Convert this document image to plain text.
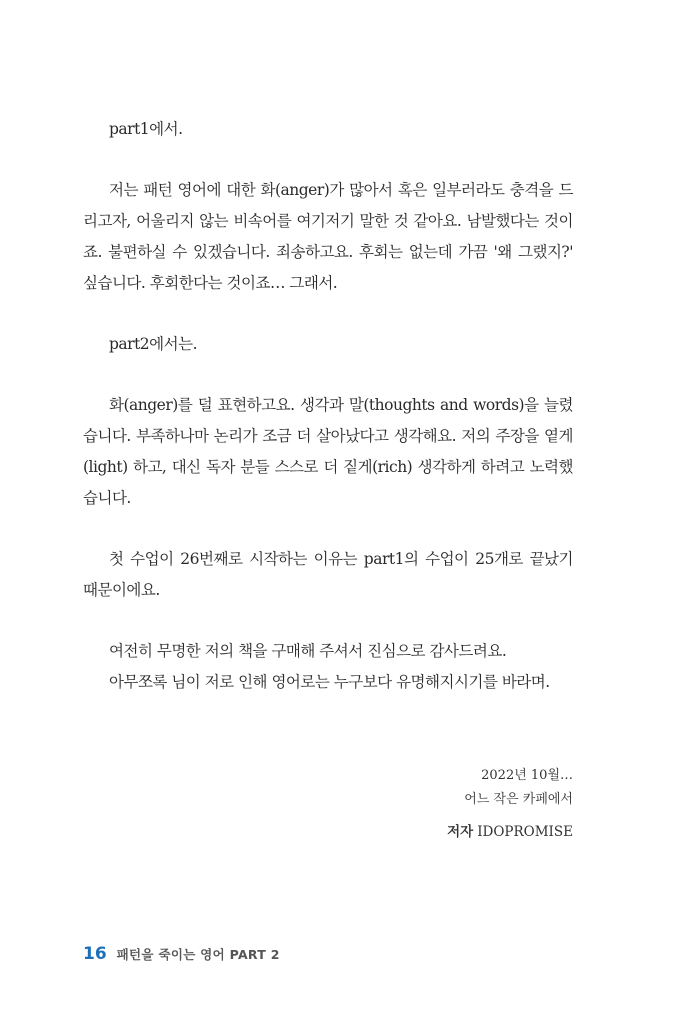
part1에서.

저는 패턴 영어에 대한 화(anger)가 많아서 혹은 일부러라도 충격을 드리고자, 어울리지 않는 비속어를 여기저기 말한 것 같아요. 남발했다는 것이죠. 불편하실 수 있겠습니다. 죄송하고요. 후회는 없는데 가끔 '왜 그랬지?' 싶습니다. 후회한다는 것이죠… 그래서.

part2에서는.

화(anger)를 덜 표현하고요. 생각과 말(thoughts and words)을 늘렸습니다. 부족하나마 논리가 조금 더 살아났다고 생각해요. 저의 주장을 옅게(light) 하고, 대신 독자 분들 스스로 더 짙게(rich) 생각하게 하려고 노력했습니다.

첫 수업이 26번째로 시작하는 이유는 part1의 수업이 25개로 끝났기 때문이에요.

여전히 무명한 저의 책을 구매해 주셔서 진심으로 감사드려요.

아무쪼록 님이 저로 인해 영어로는 누구보다 유명해지시기를 바라며.

2022년 10월…
어느 작은 카페에서
저자 IDOPROMISE
16 패턴을 죽이는 영어 PART 2
